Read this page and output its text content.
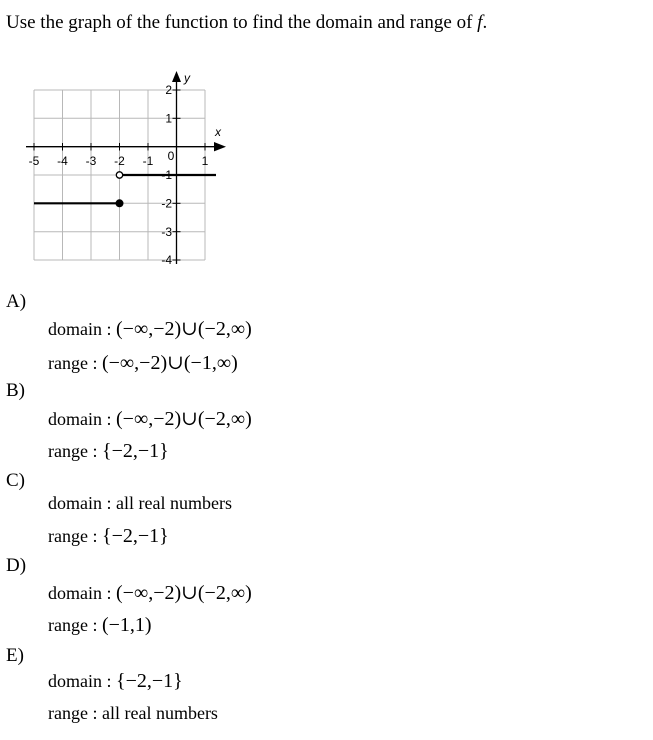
Use the graph of the function to find the domain and range of f.
x
y
-5 -4 -3 -2 -1 0 1
2
1
-1
-2
-3
-4
A)
domain : (−∞,−2)∪(−2,∞)
range : (−∞,−2)∪(−1,∞)
B)
domain : (−∞,−2)∪(−2,∞)
range : {−2,−1}
C)
domain : all real numbers
range : {−2,−1}
D)
domain : (−∞,−2)∪(−2,∞)
range : (−1,1)
E)
domain : {−2,−1}
range : all real numbers
